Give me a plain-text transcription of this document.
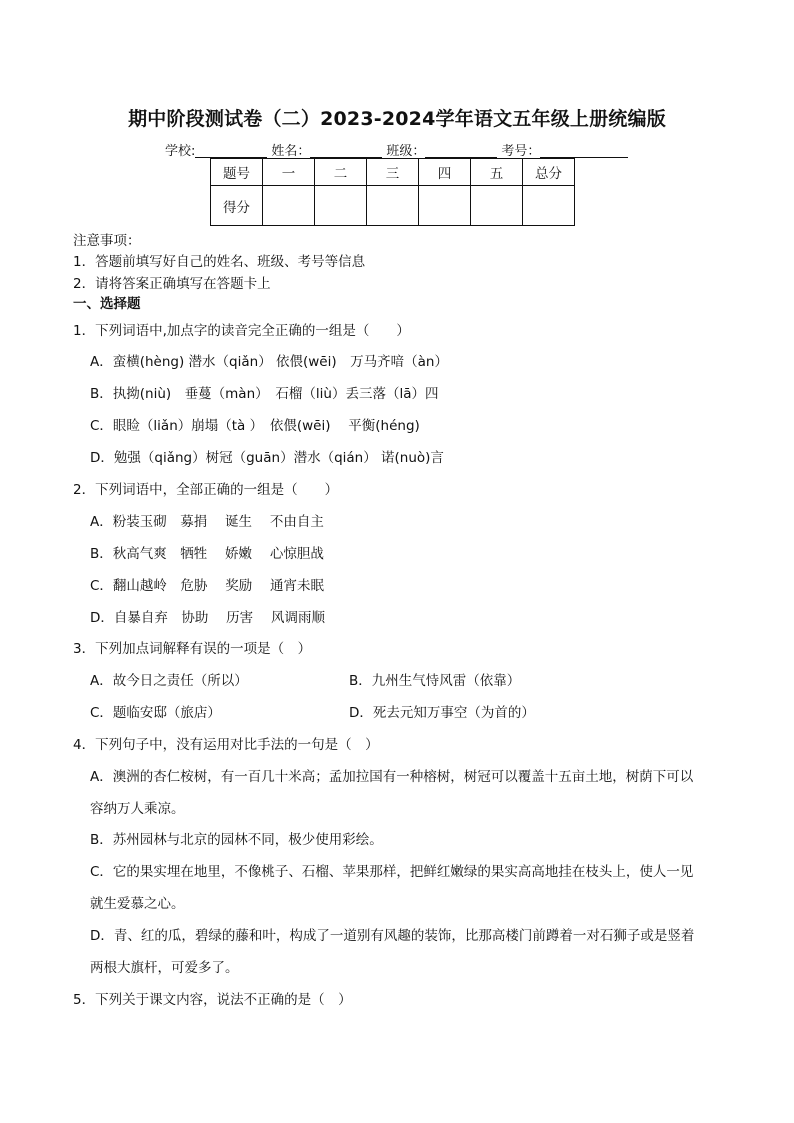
期中阶段测试卷（二）2023-2024学年语文五年级上册统编版
学校:	姓名：	班级：	考号：
题号	一	二	三	四	五	总分
得分						
注意事项：
1．答题前填写好自己的姓名、班级、考号等信息
2．请将答案正确填写在答题卡上
一、选择题
1．下列词语中,加点字的读音完全正确的一组是（　　）
A．蛮横(hèng) 潜水（qiǎn） 依偎(wēi)　万马齐喑（àn）
B．执拗(niù)　垂蔓（màn）　石榴（liù）丢三落（lā）四
C．眼睑（liǎn）崩塌（tà ）　依偎(wēi)　 平衡(héng)
D．勉强（qiǎng）树冠（guān）潜水（qián） 诺(nuò)言
2．下列词语中，全部正确的一组是（　　）
A．粉装玉砌　募捐　 诞生　 不由自主
B．秋高气爽　牺牲　 娇嫩　 心惊胆战
C．翻山越岭　危胁　 奖励　 通宵未眠
D．自暴自弃　协助　 历害　 风调雨顺
3．下列加点词解释有误的一项是（　）
A．故今日之责任（所以）	B．九州生气恃风雷（依靠）
C．题临安邸（旅店）	D．死去元知万事空（为首的）
4．下列句子中，没有运用对比手法的一句是（　）
A．澳洲的杏仁桉树，有一百几十米高；孟加拉国有一种榕树，树冠可以覆盖十五亩土地，树荫下可以
容纳万人乘凉。
B．苏州园林与北京的园林不同，极少使用彩绘。
C．它的果实埋在地里，不像桃子、石榴、苹果那样，把鲜红嫩绿的果实高高地挂在枝头上，使人一见
就生爱慕之心。
D．青、红的瓜，碧绿的藤和叶，构成了一道别有风趣的装饰，比那高楼门前蹲着一对石狮子或是竖着
两根大旗杆，可爱多了。
5．下列关于课文内容，说法不正确的是（　）
